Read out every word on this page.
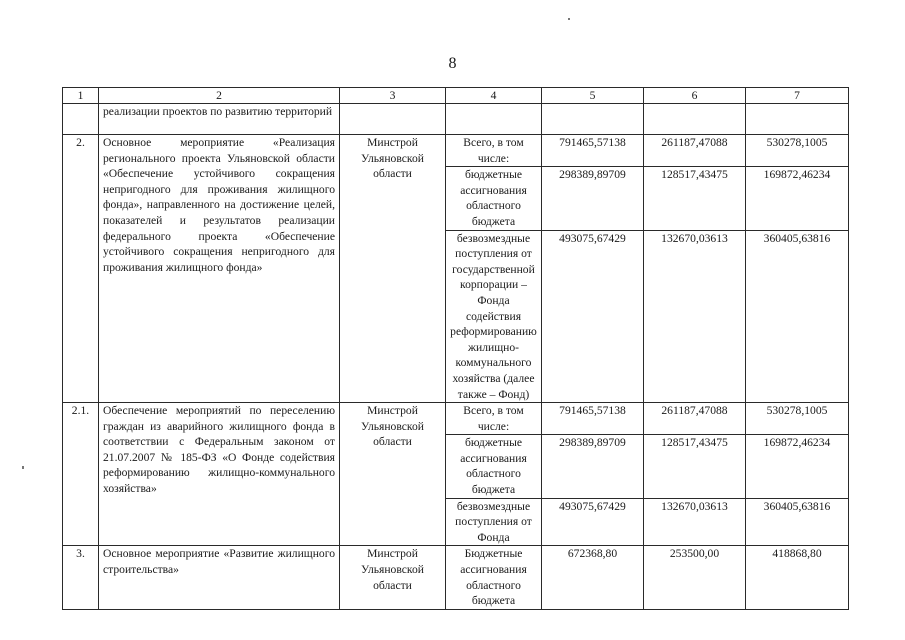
8
1	2	3	4	5	6	7
	реализации проектов по развитию территорий					
2.	Основное мероприятие «Реализация регионального проекта Ульяновской области «Обеспечение устойчивого сокращения непригодного для проживания жилищного фонда», направленного на достижение целей, показателей и результатов реализации федерального проекта «Обеспечение устойчивого сокращения непригодного для проживания жилищного фонда»	Минстрой Ульяновской области	Всего, в том числе:	791465,57138	261187,47088	530278,1005
			бюджетные ассигнования областного бюджета	298389,89709	128517,43475	169872,46234
			безвозмездные поступления от государственной корпорации – Фонда содействия реформированию жилищно-коммунального хозяйства (далее также – Фонд)	493075,67429	132670,03613	360405,63816
2.1.	Обеспечение мероприятий по переселению граждан из аварийного жилищного фонда в соответствии с Федеральным законом от 21.07.2007 № 185-ФЗ «О Фонде содействия реформированию жилищно-коммунального хозяйства»	Минстрой Ульяновской области	Всего, в том числе:	791465,57138	261187,47088	530278,1005
			бюджетные ассигнования областного бюджета	298389,89709	128517,43475	169872,46234
			безвозмездные поступления от Фонда	493075,67429	132670,03613	360405,63816
3.	Основное мероприятие «Развитие жилищного строительства»	Минстрой Ульяновской области	Бюджетные ассигнования областного бюджета	672368,80	253500,00	418868,80
